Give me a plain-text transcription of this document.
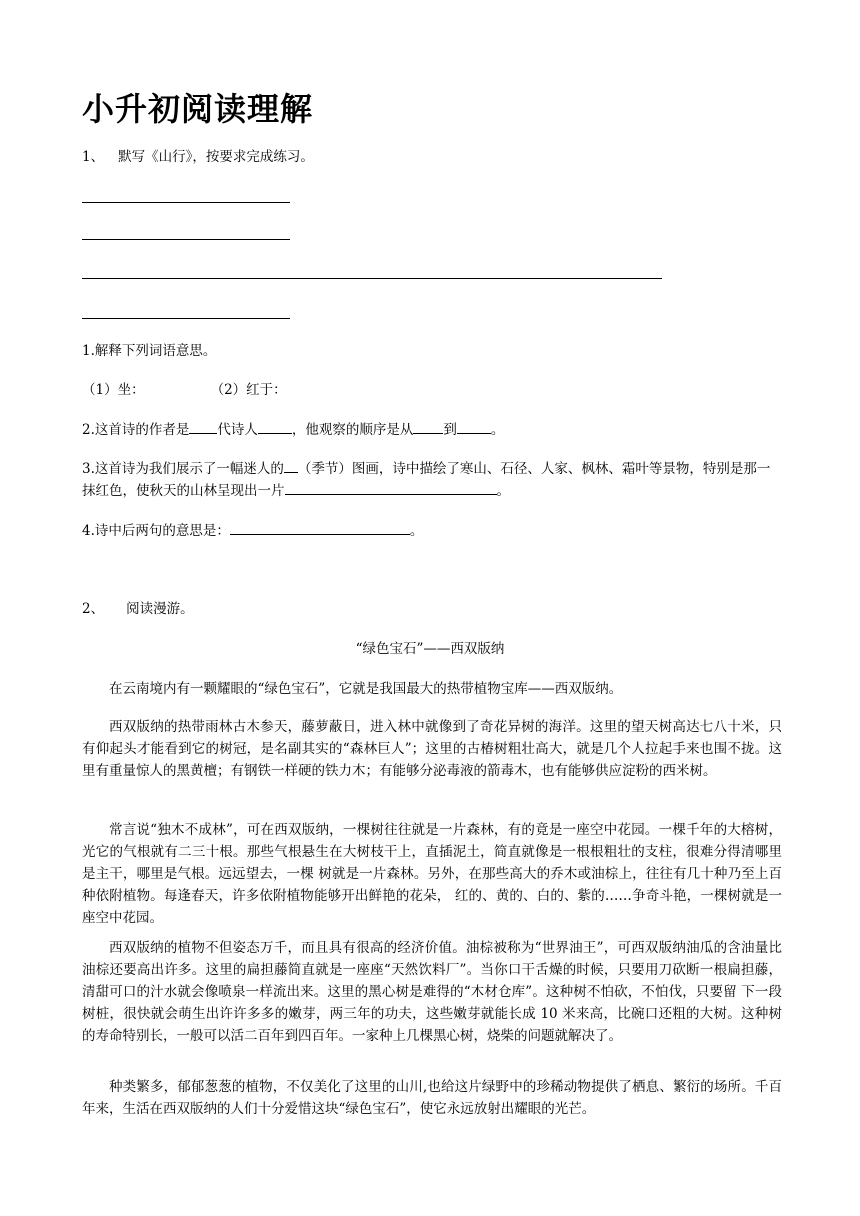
小升初阅读理解
1、 默写《山行》，按要求完成练习。
1.解释下列词语意思。
（1）坐：	（2）红于：
2.这首诗的作者是 代诗人	，他观察的顺序是从 到	。
3.这首诗为我们展示了一幅迷人的 （季节）图画，诗中描绘了寒山、石径、人家、枫林、霜叶等景物，特别是那一抹红色，使秋天的山林呈现出一片	。
4.诗中后两句的意思是：	。
2、 阅读漫游。
“绿色宝石”——西双版纳
在云南境内有一颗耀眼的“绿色宝石”，它就是我国最大的热带植物宝库——西双版纳。
西双版纳的热带雨林古木参天，藤萝蔽日，进入林中就像到了奇花异树的海洋。这里的望天树高达七八十米，只有仰起头才能看到它的树冠，是名副其实的“森林巨人”；这里的古椿树粗壮高大，就是几个人拉起手来也围不拢。这里有重量惊人的黑黄檀；有钢铁一样硬的铁力木；有能够分泌毒液的箭毒木，也有能够供应淀粉的西米树。
常言说“独木不成林”，可在西双版纳，一棵树往往就是一片森林，有的竟是一座空中花园。一棵千年的大榕树，光它的气根就有二三十根。那些气根悬生在大树枝干上，直插泥土，简直就像是一根根粗壮的支柱，很难分得清哪里是主干，哪里是气根。远远望去，一棵 树就是一片森林。另外，在那些高大的乔木或油棕上，往往有几十种乃至上百种依附植物。每逢春天，许多依附植物能够开出鲜艳的花朵， 红的、黄的、白的、紫的……争奇斗艳，一棵树就是一座空中花园。
西双版纳的植物不但姿态万千，而且具有很高的经济价值。油棕被称为“世界油王”，可西双版纳油瓜的含油量比油棕还要高出许多。这里的扁担藤简直就是一座座“天然饮料厂”。当你口干舌燥的时候，只要用刀砍断一根扁担藤，清甜可口的汁水就会像喷泉一样流出来。这里的黑心树是难得的“木材仓库”。这种树不怕砍，不怕伐，只要留 下一段树桩，很快就会萌生出许许多多的嫩芽，两三年的功夫，这些嫩芽就能长成 10 米来高，比碗口还粗的大树。这种树的寿命特别长，一般可以活二百年到四百年。一家种上几棵黑心树，烧柴的问题就解决了。
种类繁多，郁郁葱葱的植物，不仅美化了这里的山川,也给这片绿野中的珍稀动物提供了栖息、繁衍的场所。千百年来，生活在西双版纳的人们十分爱惜这块“绿色宝石”，使它永远放射出耀眼的光芒。
